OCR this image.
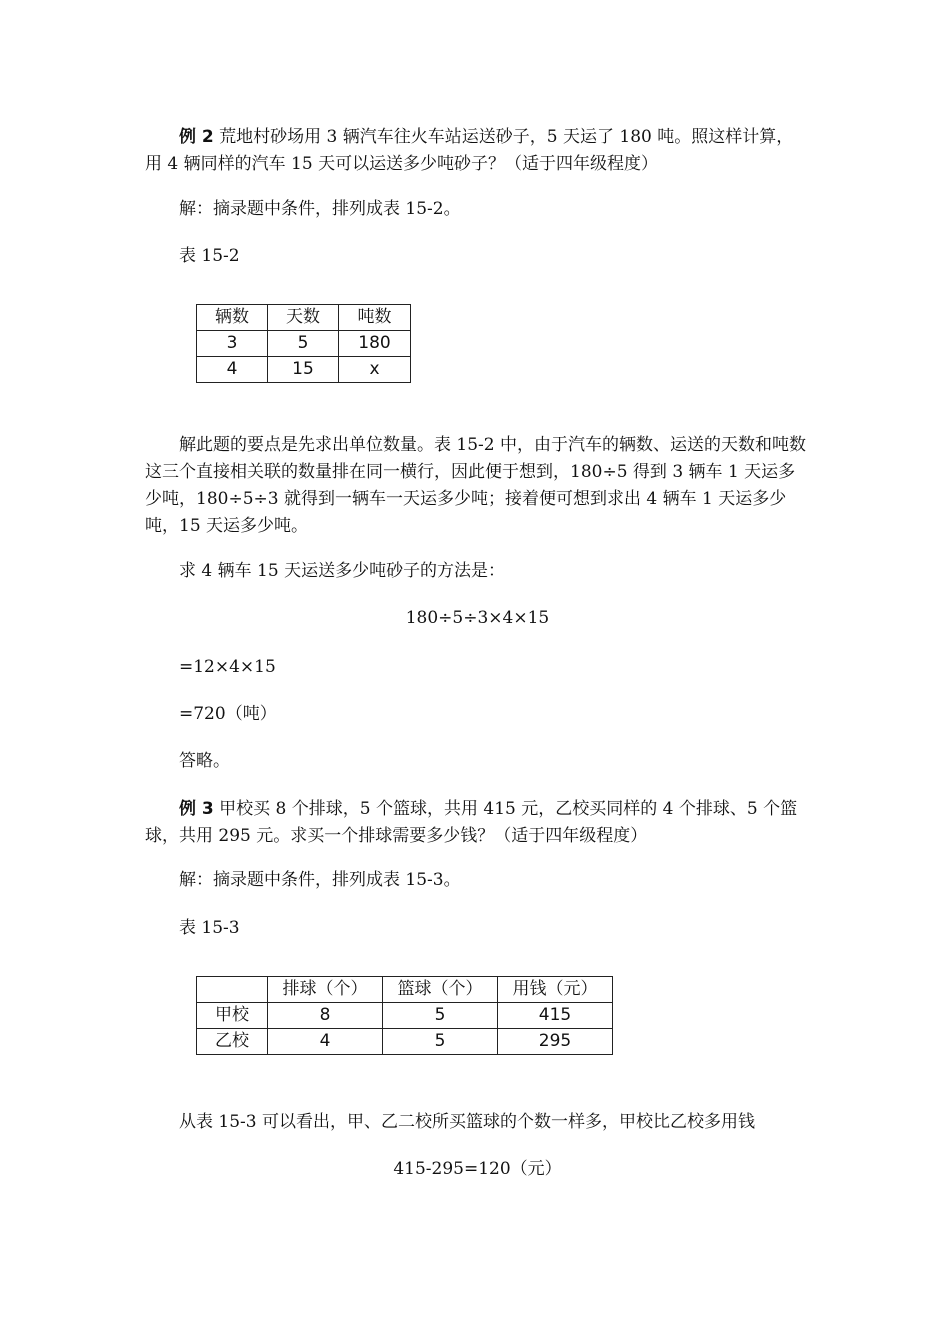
例 2 荒地村砂场用 3 辆汽车往火车站运送砂子，5 天运了 180 吨。照这样计算，用 4 辆同样的汽车 15 天可以运送多少吨砂子？（适于四年级程度）

解：摘录题中条件，排列成表 15-2。

表 15-2

辆数	天数	吨数
3	5	180
4	15	x

解此题的要点是先求出单位数量。表 15-2 中，由于汽车的辆数、运送的天数和吨数这三个直接相关联的数量排在同一横行，因此便于想到，180÷5 得到 3 辆车 1 天运多少吨，180÷5÷3 就得到一辆车一天运多少吨；接着便可想到求出 4 辆车 1 天运多少吨，15 天运多少吨。

求 4 辆车 15 天运送多少吨砂子的方法是：

180÷5÷3×4×15

=12×4×15

=720（吨）

答略。

例 3 甲校买 8 个排球，5 个篮球，共用 415 元，乙校买同样的 4 个排球、5 个篮球，共用 295 元。求买一个排球需要多少钱？（适于四年级程度）

解：摘录题中条件，排列成表 15-3。

表 15-3

	排球（个）	篮球（个）	用钱（元）
甲校	8	5	415
乙校	4	5	295

从表 15-3 可以看出，甲、乙二校所买篮球的个数一样多，甲校比乙校多用钱

415-295=120（元）
